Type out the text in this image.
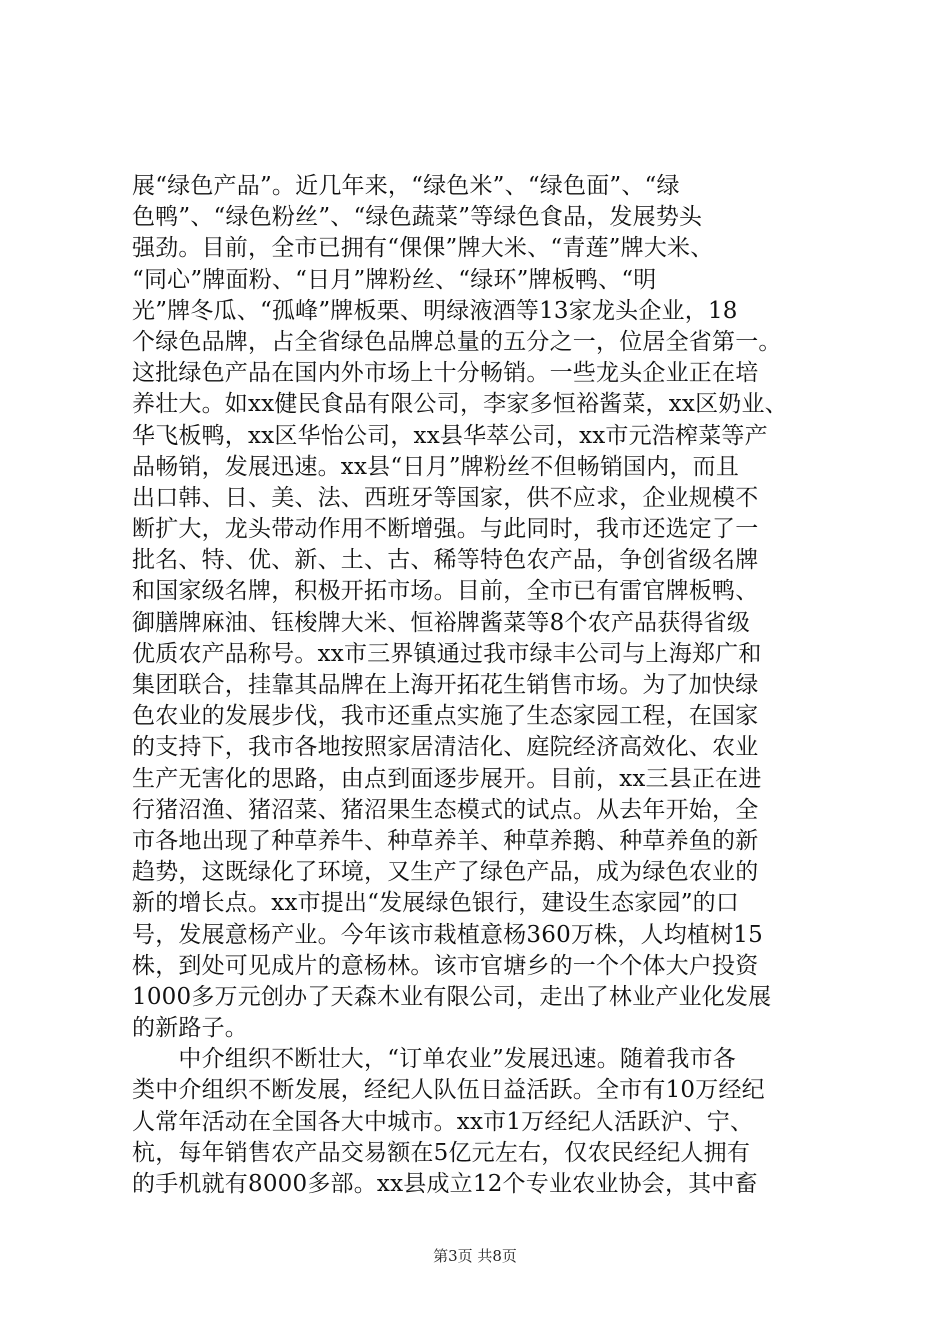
展“绿色产品”。近几年来，“绿色米”、“绿色面”、“绿
色鸭”、“绿色粉丝”、“绿色蔬菜”等绿色食品，发展势头
强劲。目前，全市已拥有“倮倮”牌大米、“青莲”牌大米、
“同心”牌面粉、“日月”牌粉丝、“绿环”牌板鸭、“明
光”牌冬瓜、“孤峰”牌板栗、明绿液酒等13家龙头企业，18
个绿色品牌，占全省绿色品牌总量的五分之一，位居全省第一。
这批绿色产品在国内外市场上十分畅销。一些龙头企业正在培
养壮大。如xx健民食品有限公司，李家多恒裕酱菜，xx区奶业、
华飞板鸭，xx区华怡公司，xx县华萃公司，xx市元浩榨菜等产
品畅销，发展迅速。xx县“日月”牌粉丝不但畅销国内，而且
出口韩、日、美、法、西班牙等国家，供不应求，企业规模不
断扩大，龙头带动作用不断增强。与此同时，我市还选定了一
批名、特、优、新、土、古、稀等特色农产品，争创省级名牌
和国家级名牌，积极开拓市场。目前，全市已有雷官牌板鸭、
御膳牌麻油、钰梭牌大米、恒裕牌酱菜等8个农产品获得省级
优质农产品称号。xx市三界镇通过我市绿丰公司与上海郑广和
集团联合，挂靠其品牌在上海开拓花生销售市场。为了加快绿
色农业的发展步伐，我市还重点实施了生态家园工程，在国家
的支持下，我市各地按照家居清洁化、庭院经济高效化、农业
生产无害化的思路，由点到面逐步展开。目前，xx三县正在进
行猪沼渔、猪沼菜、猪沼果生态模式的试点。从去年开始，全
市各地出现了种草养牛、种草养羊、种草养鹅、种草养鱼的新
趋势，这既绿化了环境，又生产了绿色产品，成为绿色农业的
新的增长点。xx市提出“发展绿色银行，建设生态家园”的口
号，发展意杨产业。今年该市栽植意杨360万株，人均植树15
株，到处可见成片的意杨林。该市官塘乡的一个个体大户投资
1000多万元创办了天森木业有限公司，走出了林业产业化发展
的新路子。
　　中介组织不断壮大，“订单农业”发展迅速。随着我市各
类中介组织不断发展，经纪人队伍日益活跃。全市有10万经纪
人常年活动在全国各大中城市。xx市1万经纪人活跃沪、宁、
杭，每年销售农产品交易额在5亿元左右，仅农民经纪人拥有
的手机就有8000多部。xx县成立12个专业农业协会，其中畜
第3页 共8页
